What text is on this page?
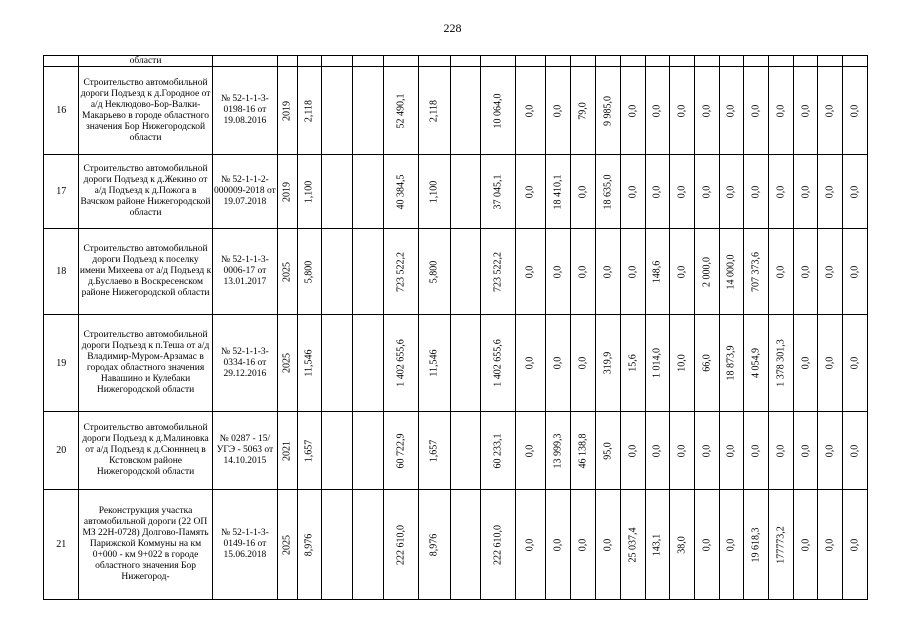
228
	области																							
16	Строительство автомобильной дороги Подъезд к д.Городное от а/д Неклюдово-Бор-Валки-Макарьево в городе областного значения Бор Нижегородской области	№ 52-1-1-3-0198-16 от 19.08.2016	2019	2,118			52 490,1	2,118		10 064,0	0,0	0,0	79,0	9 985,0	0,0	0,0	0,0	0,0	0,0	0,0	0,0	0,0	0,0	0,0

17	Строительство автомобильной дороги Подъезд к д.Жекино от а/д Подъезд к д.Пожога в Вачском районе Нижегородской области	№ 52-1-1-2-000009-2018 от 19.07.2018	2019	1,100			40 384,5	1,100		37 045,1	0,0	18 410,1	0,0	18 635,0	0,0	0,0	0,0	0,0	0,0	0,0	0,0	0,0	0,0	0,0

18	Строительство автомобильной дороги Подъезд к поселку имени Михеева от а/д Подъезд к д.Буслаево в Воскресенском районе Нижегородской области	№ 52-1-1-3-0006-17 от 13.01.2017	2025	5,800			723 522,2	5,800		723 522,2	0,0	0,0	0,0	0,0	0,0	148,6	0,0	2 000,0	14 000,0	707 373,6	0,0	0,0	0,0	0,0

19	Строительство автомобильной дороги Подъезд к п.Теша от а/д Владимир-Муром-Арзамас в городах областного значения Навашино и Кулебаки Нижегородской области	№ 52-1-1-3-0334-16 от 29.12.2016	2025	11,546			1 402 655,6	11,546		1 402 655,6	0,0	0,0	0,0	319,9	15,6	1 014,0	10,0	66,0	18 873,9	4 054,9	1 378 301,3	0,0	0,0	0,0

20	Строительство автомобильной дороги Подъезд к д.Малиновка от а/д Подъезд к д.Сюнннец в Кстовском районе Нижегородской области	№ 0287 - 15/УГЭ - 5063 от 14.10.2015	2021	1,657			60 722,9	1,657		60 233,1	0,0	13 999,3	46 138,8	95,0	0,0	0,0	0,0	0,0	0,0	0,0	0,0	0,0	0,0	0,0

21	Реконструкция участка автомобильной дороги (22 ОП МЗ 22Н-0728) Долгово-Память Парижской Коммуны на км 0+000 - км 9+022 в городе областного значения Бор Нижегород-	№ 52-1-1-3-0149-16 от 15.06.2018	2025	8,976			222 610,0	8,976		222 610,0	0,0	0,0	0,0	0,0	25 037,4	143,1	38,0	0,0	0,0	19 618,3	177773,2	0,0	0,0	0,0
